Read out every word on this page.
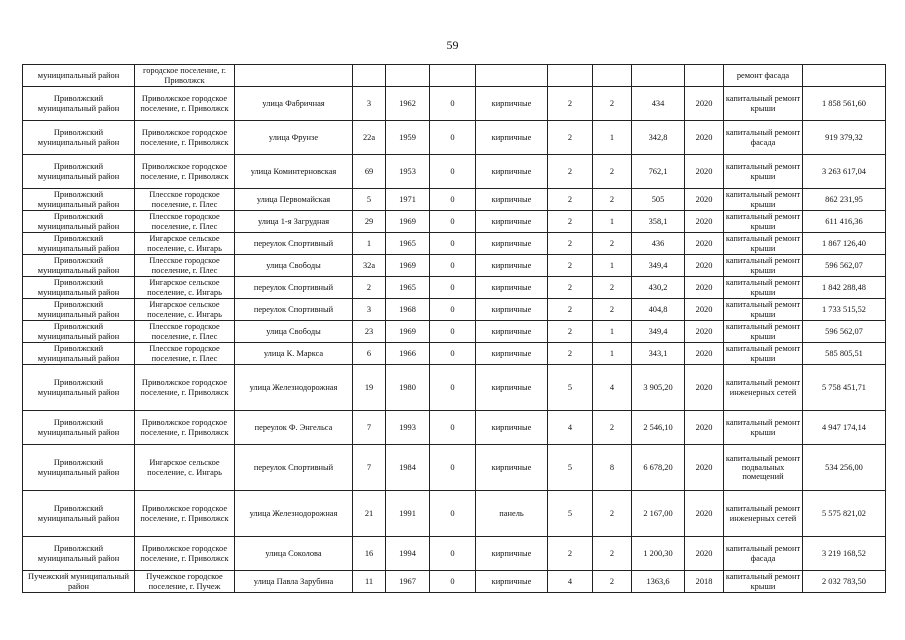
59
муниципальный район	городское поселение, г. Приволжск										ремонт фасада	
Приволжский муниципальный район	Приволжское городское поселение, г. Приволжск	улица Фабричная	3	1962	0	кирпичные	2	2	434	2020	капитальный ремонт крыши	1 858 561,60
Приволжский муниципальный район	Приволжское городское поселение, г. Приволжск	улица Фрунзе	22а	1959	0	кирпичные	2	1	342,8	2020	капитальный ремонт фасада	919 379,32
Приволжский муниципальный район	Приволжское городское поселение, г. Приволжск	улица Коминтерновская	69	1953	0	кирпичные	2	2	762,1	2020	капитальный ремонт крыши	3 263 617,04
Приволжский муниципальный район	Плесское городское поселение, г. Плес	улица Первомайская	5	1971	0	кирпичные	2	2	505	2020	капитальный ремонт крыши	862 231,95
Приволжский муниципальный район	Плесское городское поселение, г. Плес	улица 1-я Загрудная	29	1969	0	кирпичные	2	1	358,1	2020	капитальный ремонт крыши	611 416,36
Приволжский муниципальный район	Ингарское сельское поселение, с. Ингарь	переулок Спортивный	1	1965	0	кирпичные	2	2	436	2020	капитальный ремонт крыши	1 867 126,40
Приволжский муниципальный район	Плесское городское поселение, г. Плес	улица Свободы	32а	1969	0	кирпичные	2	1	349,4	2020	капитальный ремонт крыши	596 562,07
Приволжский муниципальный район	Ингарское сельское поселение, с. Ингарь	переулок Спортивный	2	1965	0	кирпичные	2	2	430,2	2020	капитальный ремонт крыши	1 842 288,48
Приволжский муниципальный район	Ингарское сельское поселение, с. Ингарь	переулок Спортивный	3	1968	0	кирпичные	2	2	404,8	2020	капитальный ремонт крыши	1 733 515,52
Приволжский муниципальный район	Плесское городское поселение, г. Плес	улица Свободы	23	1969	0	кирпичные	2	1	349,4	2020	капитальный ремонт крыши	596 562,07
Приволжский муниципальный район	Плесское городское поселение, г. Плес	улица К. Маркса	6	1966	0	кирпичные	2	1	343,1	2020	капитальный ремонт крыши	585 805,51
Приволжский муниципальный район	Приволжское городское поселение, г. Приволжск	улица Железнодорожная	19	1980	0	кирпичные	5	4	3 905,20	2020	капитальный ремонт инженерных сетей	5 758 451,71
Приволжский муниципальный район	Приволжское городское поселение, г. Приволжск	переулок Ф. Энгельса	7	1993	0	кирпичные	4	2	2 546,10	2020	капитальный ремонт крыши	4 947 174,14
Приволжский муниципальный район	Ингарское сельское поселение, с. Ингарь	переулок Спортивный	7	1984	0	кирпичные	5	8	6 678,20	2020	капитальный ремонт подвальных помещений	534 256,00
Приволжский муниципальный район	Приволжское городское поселение, г. Приволжск	улица Железнодорожная	21	1991	0	панель	5	2	2 167,00	2020	капитальный ремонт инженерных сетей	5 575 821,02
Приволжский муниципальный район	Приволжское городское поселение, г. Приволжск	улица Соколова	16	1994	0	кирпичные	2	2	1 200,30	2020	капитальный ремонт фасада	3 219 168,52
Пучежский муниципальный район	Пучежское городское поселение, г. Пучеж	улица Павла Зарубина	11	1967	0	кирпичные	4	2	1363,6	2018	капитальный ремонт крыши	2 032 783,50
